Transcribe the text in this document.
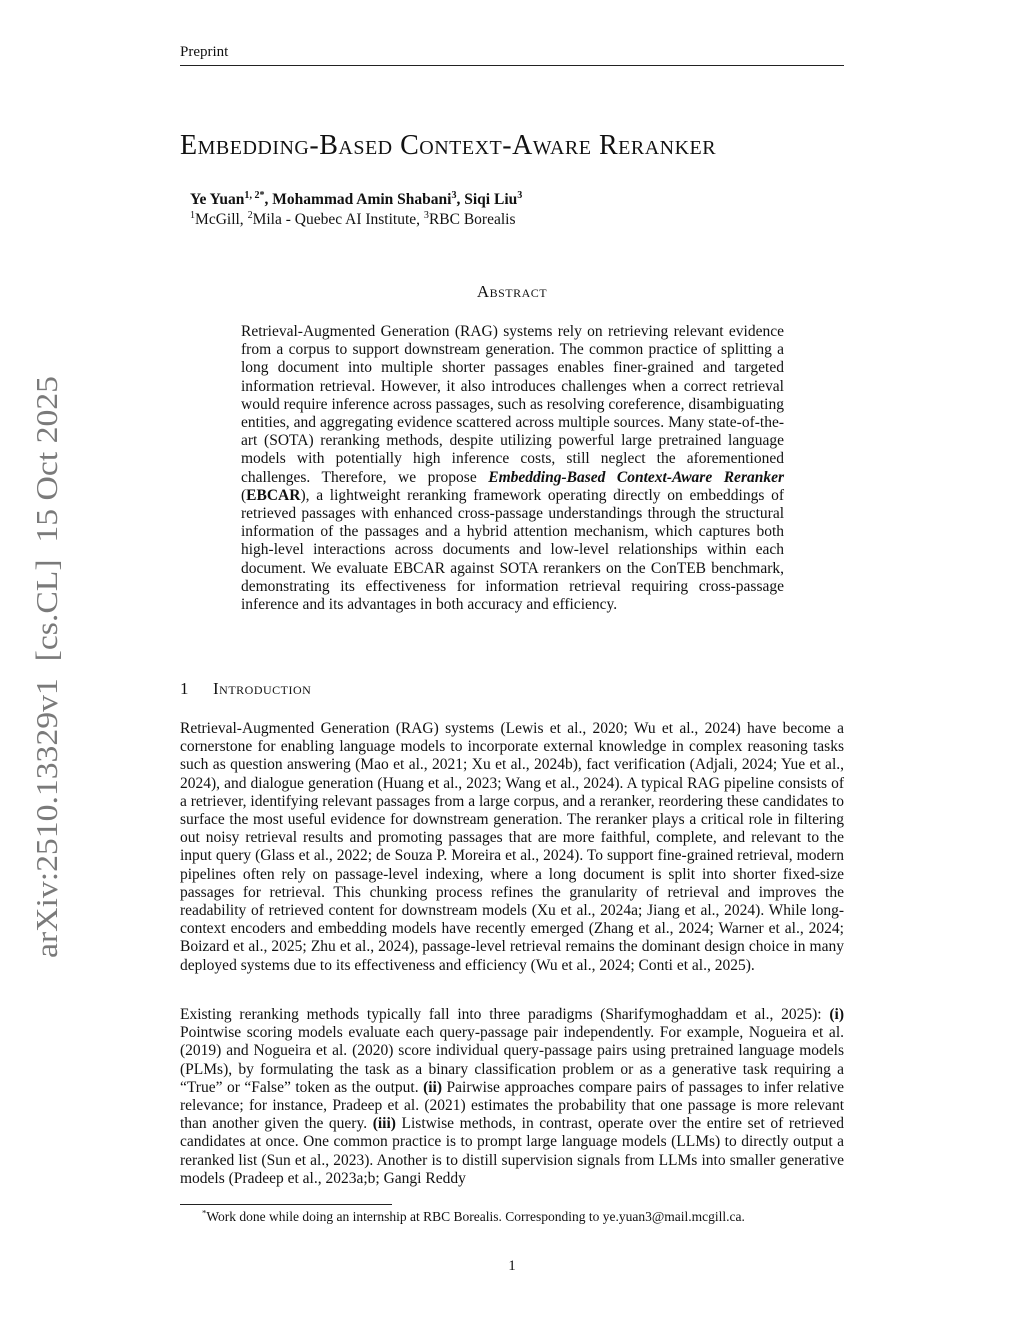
Preprint
Embedding-Based Context-Aware Reranker
Ye Yuan$^{1, 2*}$, Mohammad Amin Shabani$^3$, Siqi Liu$^3$
$^1$McGill, $^2$Mila - Quebec AI Institute, $^3$RBC Borealis
Abstract

Retrieval-Augmented Generation (RAG) systems rely on retrieving relevant evidence from a corpus to support downstream generation. The common practice of splitting a long document into multiple shorter passages enables finer-grained and targeted information retrieval. However, it also introduces challenges when a correct retrieval would require inference across passages, such as resolving coreference, disambiguating entities, and aggregating evidence scattered across multiple sources. Many state-of-the-art (SOTA) reranking methods, despite utilizing powerful large pretrained language models with potentially high inference costs, still neglect the aforementioned challenges. Therefore, we propose Embedding-Based Context-Aware Reranker (EBCAR), a lightweight reranking framework operating directly on embeddings of retrieved passages with enhanced cross-passage understandings through the structural information of the passages and a hybrid attention mechanism, which captures both high-level interactions across documents and low-level relationships within each document. We evaluate EBCAR against SOTA rerankers on the ConTEB benchmark, demonstrating its effectiveness for information retrieval requiring cross-passage inference and its advantages in both accuracy and efficiency.

1 Introduction

Retrieval-Augmented Generation (RAG) systems (Lewis et al., 2020; Wu et al., 2024) have become a cornerstone for enabling language models to incorporate external knowledge in complex reasoning tasks such as question answering (Mao et al., 2021; Xu et al., 2024b), fact verification (Adjali, 2024; Yue et al., 2024), and dialogue generation (Huang et al., 2023; Wang et al., 2024). A typical RAG pipeline consists of a retriever, identifying relevant passages from a large corpus, and a reranker, reordering these candidates to surface the most useful evidence for downstream generation. The reranker plays a critical role in filtering out noisy retrieval results and promoting passages that are more faithful, complete, and relevant to the input query (Glass et al., 2022; de Souza P. Moreira et al., 2024). To support fine-grained retrieval, modern pipelines often rely on passage-level indexing, where a long document is split into shorter fixed-size passages for retrieval. This chunking process refines the granularity of retrieval and improves the readability of retrieved content for downstream models (Xu et al., 2024a; Jiang et al., 2024). While long-context encoders and embedding models have recently emerged (Zhang et al., 2024; Warner et al., 2024; Boizard et al., 2025; Zhu et al., 2024), passage-level retrieval remains the dominant design choice in many deployed systems due to its effectiveness and efficiency (Wu et al., 2024; Conti et al., 2025).

Existing reranking methods typically fall into three paradigms (Sharifymoghaddam et al., 2025): (i) Pointwise scoring models evaluate each query-passage pair independently. For example, Nogueira et al. (2019) and Nogueira et al. (2020) score individual query-passage pairs using pretrained language models (PLMs), by formulating the task as a binary classification problem or as a generative task requiring a “True” or “False” token as the output. (ii) Pairwise approaches compare pairs of passages to infer relative relevance; for instance, Pradeep et al. (2021) estimates the probability that one passage is more relevant than another given the query. (iii) Listwise methods, in contrast, operate over the entire set of retrieved candidates at once. One common practice is to prompt large language models (LLMs) to directly output a reranked list (Sun et al., 2023). Another is to distill supervision signals from LLMs into smaller generative models (Pradeep et al., 2023a;b; Gangi Reddy

*Work done while doing an internship at RBC Borealis. Corresponding to ye.yuan3@mail.mcgill.ca.
1
arXiv:2510.13329v1  [cs.CL]  15 Oct 2025
